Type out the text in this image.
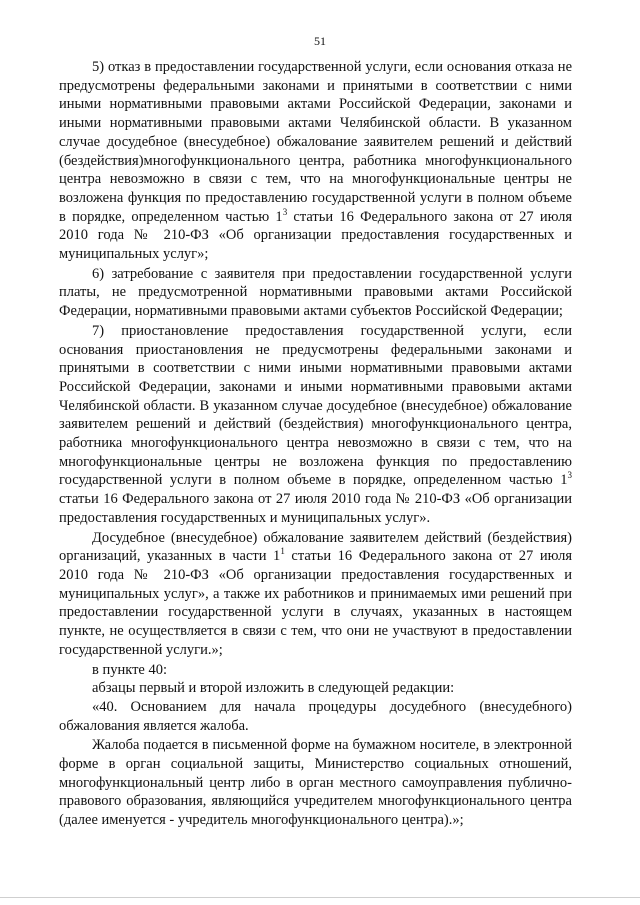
51

5) отказ в предоставлении государственной услуги, если основания отказа не предусмотрены федеральными законами и принятыми в соответствии с ними иными нормативными правовыми актами Российской Федерации, законами и иными нормативными правовыми актами Челябинской области. В указанном случае досудебное (внесудебное) обжалование заявителем решений и действий (бездействия)многофункционального центра, работника многофункционального центра невозможно в связи с тем, что на многофункциональные центры не возложена функция по предоставлению государственной услуги в полном объеме в порядке, определенном частью $1^3$ статьи 16 Федерального закона от 27 июля 2010 года № 210-ФЗ «Об организации предоставления государственных и муниципальных услуг»;

6) затребование с заявителя при предоставлении государственной услуги платы, не предусмотренной нормативными правовыми актами Российской Федерации, нормативными правовыми актами субъектов Российской Федерации;

7) приостановление предоставления государственной услуги, если основания приостановления не предусмотрены федеральными законами и принятыми в соответствии с ними иными нормативными правовыми актами Российской Федерации, законами и иными нормативными правовыми актами Челябинской области. В указанном случае досудебное (внесудебное) обжалование заявителем решений и действий (бездействия) многофункционального центра, работника многофункционального центра невозможно в связи с тем, что на многофункциональные центры не возложена функция по предоставлению государственной услуги в полном объеме в порядке, определенном частью $1^3$ статьи 16 Федерального закона от 27 июля 2010 года № 210-ФЗ «Об организации предоставления государственных и муниципальных услуг».

Досудебное (внесудебное) обжалование заявителем действий (бездействия) организаций, указанных в части $1^1$ статьи 16 Федерального закона от 27 июля 2010 года № 210-ФЗ «Об организации предоставления государственных и муниципальных услуг», а также их работников и принимаемых ими решений при предоставлении государственной услуги в случаях, указанных в настоящем пункте, не осуществляется в связи с тем, что они не участвуют в предоставлении государственной услуги.»;

в пункте 40:

абзацы первый и второй изложить в следующей редакции:

«40. Основанием для начала процедуры досудебного (внесудебного) обжалования является жалоба.

Жалоба подается в письменной форме на бумажном носителе, в электронной форме в орган социальной защиты, Министерство социальных отношений, многофункциональный центр либо в орган местного самоуправления публично-правового образования, являющийся учредителем многофункционального центра (далее именуется - учредитель многофункционального центра).»;
